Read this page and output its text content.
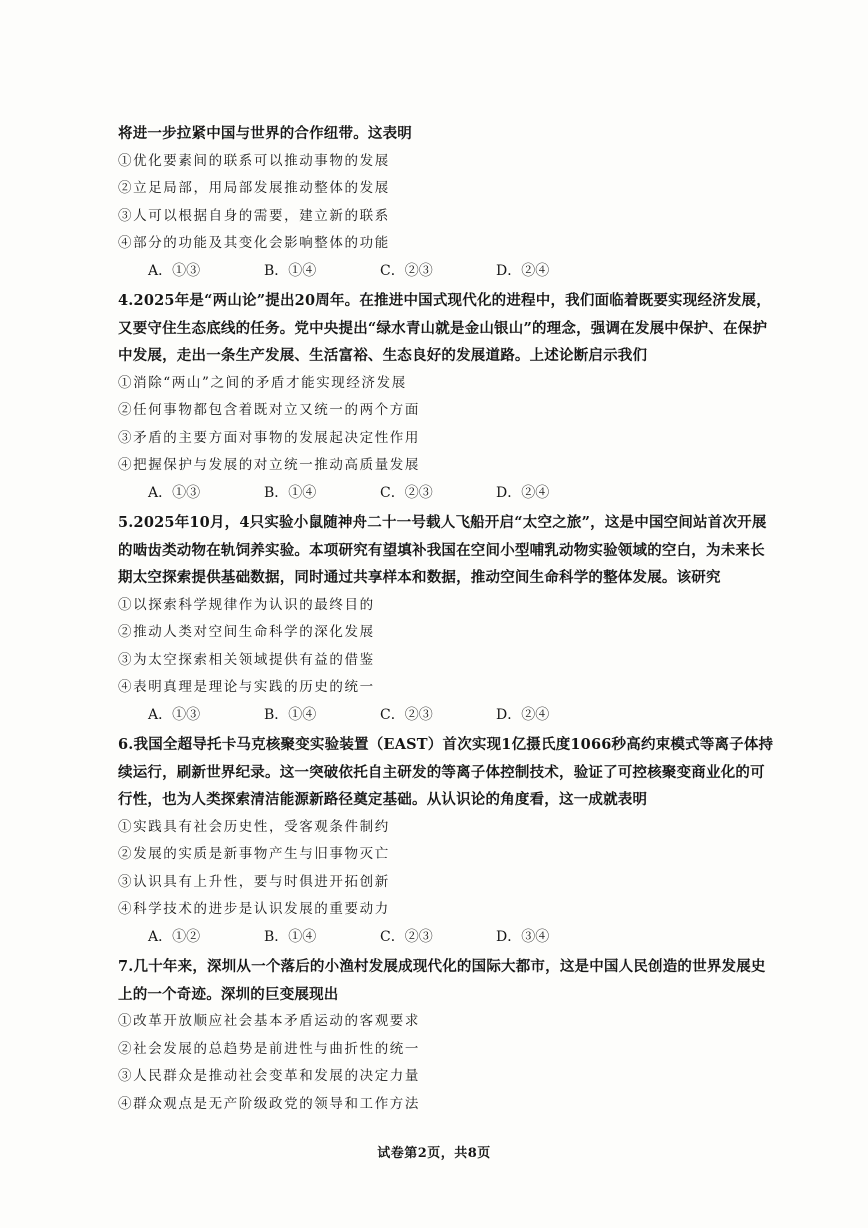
将进一步拉紧中国与世界的合作纽带。这表明
①优化要素间的联系可以推动事物的发展
②立足局部，用局部发展推动整体的发展
③人可以根据自身的需要，建立新的联系
④部分的功能及其变化会影响整体的功能
A．①③	B．①④	C．②③	D．②④
4.2025年是“两山论”提出20周年。在推进中国式现代化的进程中，我们面临着既要实现经济发展，又要守住生态底线的任务。党中央提出“绿水青山就是金山银山”的理念，强调在发展中保护、在保护中发展，走出一条生产发展、生活富裕、生态良好的发展道路。上述论断启示我们
①消除“两山”之间的矛盾才能实现经济发展
②任何事物都包含着既对立又统一的两个方面
③矛盾的主要方面对事物的发展起决定性作用
④把握保护与发展的对立统一推动高质量发展
A．①③	B．①④	C．②③	D．②④
5.2025年10月，4只实验小鼠随神舟二十一号载人飞船开启“太空之旅”，这是中国空间站首次开展的啮齿类动物在轨饲养实验。本项研究有望填补我国在空间小型哺乳动物实验领域的空白，为未来长期太空探索提供基础数据，同时通过共享样本和数据，推动空间生命科学的整体发展。该研究
①以探索科学规律作为认识的最终目的
②推动人类对空间生命科学的深化发展
③为太空探索相关领域提供有益的借鉴
④表明真理是理论与实践的历史的统一
A．①③	B．①④	C．②③	D．②④
6.我国全超导托卡马克核聚变实验装置（EAST）首次实现1亿摄氏度1066秒高约束模式等离子体持续运行，刷新世界纪录。这一突破依托自主研发的等离子体控制技术，验证了可控核聚变商业化的可行性，也为人类探索清洁能源新路径奠定基础。从认识论的角度看，这一成就表明
①实践具有社会历史性，受客观条件制约
②发展的实质是新事物产生与旧事物灭亡
③认识具有上升性，要与时俱进开拓创新
④科学技术的进步是认识发展的重要动力
A．①②	B．①④	C．②③	D．③④
7.几十年来，深圳从一个落后的小渔村发展成现代化的国际大都市，这是中国人民创造的世界发展史上的一个奇迹。深圳的巨变展现出
①改革开放顺应社会基本矛盾运动的客观要求
②社会发展的总趋势是前进性与曲折性的统一
③人民群众是推动社会变革和发展的决定力量
④群众观点是无产阶级政党的领导和工作方法
试卷第2页，共8页
